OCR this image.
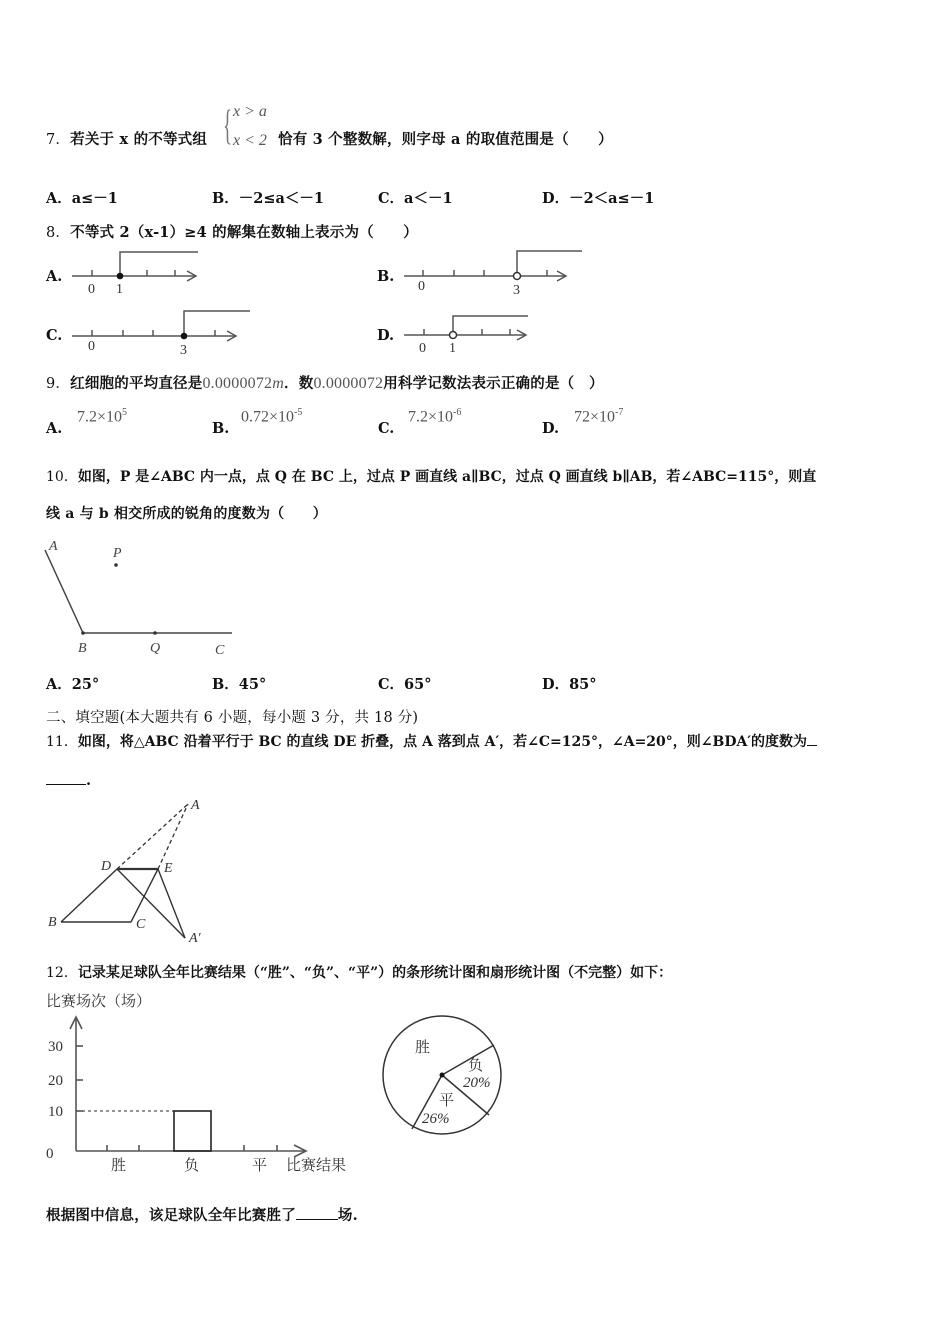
7．若关于 x 的不等式组 { x > a
x < 2 恰有 3 个整数解，则字母 a 的取值范围是（　　）
A．a≤－1	B．－2≤a＜－1	C．a＜－1	D．－2＜a≤－1
8．不等式 2（x-1）≥4 的解集在数轴上表示为（　　）
A.
0 1
B.
0	3
C.
0	3
D.
0 1
9．红细胞的平均直径是0.0000072m．数0.0000072用科学记数法表示正确的是（　）
A.
$7.2\times 10^5$
B.
$0.72\times 10^{-5}$
C.
$7.2\times 10^{-6}$
D.
$72\times 10^{-7}$
10．如图，P 是∠ABC 内一点，点 Q 在 BC 上，过点 P 画直线 a∥BC，过点 Q 画直线 b∥AB，若∠ABC=115°，则直
线 a 与 b 相交所成的锐角的度数为（　　）
A	P
B	Q	C
A．25°	B．45°	C．65°	D．85°
二、填空题(本大题共有 6 小题，每小题 3 分，共 18 分)
11．如图，将△ABC 沿着平行于 BC 的直线 DE 折叠，点 A 落到点 A′，若∠C=125°，∠A=20°，则∠BDA′的度数为
.
A
D	E
B	C
A′
12．记录某足球队全年比赛结果（“胜”、“负”、“平”）的条形统计图和扇形统计图（不完整）如下：
比赛场次（场）
0
10
20
30
胜	负	平 比赛结果
胜
负
20%
平
26%
根据图中信息，该足球队全年比赛胜了	场.
